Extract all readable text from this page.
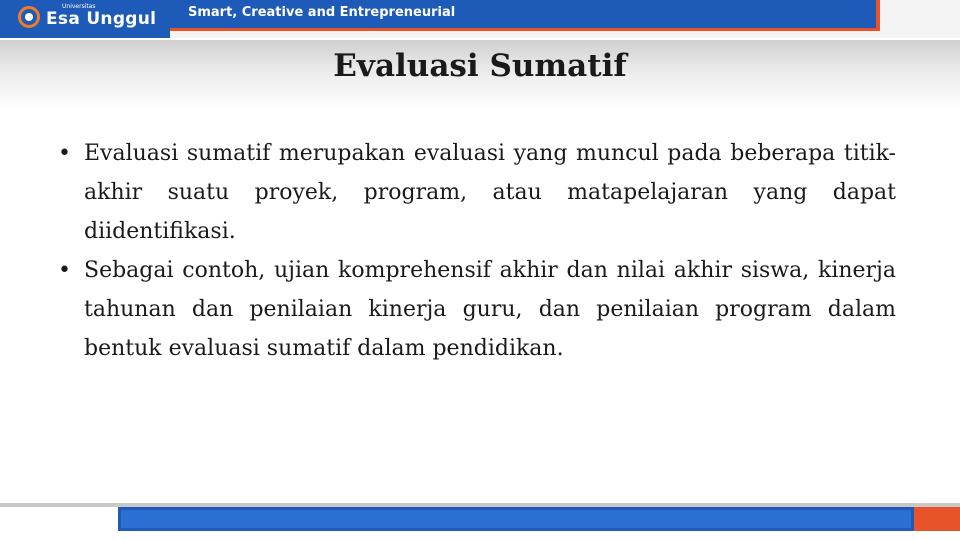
Universitas
Esa Unggul Smart, Creative and Entrepreneurial
Evaluasi Sumatif
• Evaluasi sumatif merupakan evaluasi yang muncul pada beberapa titik-akhir suatu proyek, program, atau matapelajaran yang dapat diidentifikasi.
• Sebagai contoh, ujian komprehensif akhir dan nilai akhir siswa, kinerja tahunan dan penilaian kinerja guru, dan penilaian program dalam bentuk evaluasi sumatif dalam pendidikan.
